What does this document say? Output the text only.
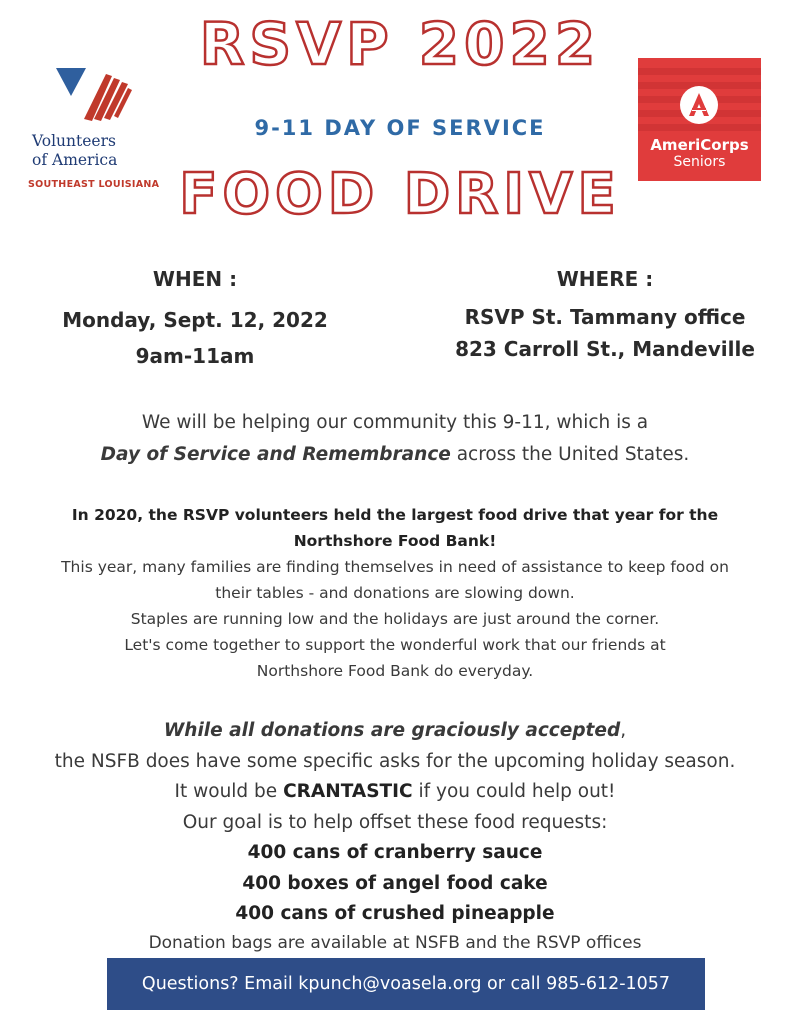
RSVP 2022
9-11 DAY OF SERVICE
FOOD DRIVE
Volunteers
of America
SOUTHEAST LOUISIANA
AmeriCorps
Seniors
WHEN :
Monday, Sept. 12, 2022
9am-11am
WHERE :
RSVP St. Tammany office
823 Carroll St., Mandeville
We will be helping our community this 9-11, which is a
Day of Service and Remembrance across the United States.
In 2020, the RSVP volunteers held the largest food drive that year for the
Northshore Food Bank!
This year, many families are finding themselves in need of assistance to keep food on
their tables - and donations are slowing down.
Staples are running low and the holidays are just around the corner.
Let's come together to support the wonderful work that our friends at
Northshore Food Bank do everyday.
While all donations are graciously accepted,
the NSFB does have some specific asks for the upcoming holiday season.
It would be CRANTASTIC if you could help out!
Our goal is to help offset these food requests:
400 cans of cranberry sauce
400 boxes of angel food cake
400 cans of crushed pineapple
Donation bags are available at NSFB and the RSVP offices
Questions? Email kpunch@voasela.org or call 985-612-1057
